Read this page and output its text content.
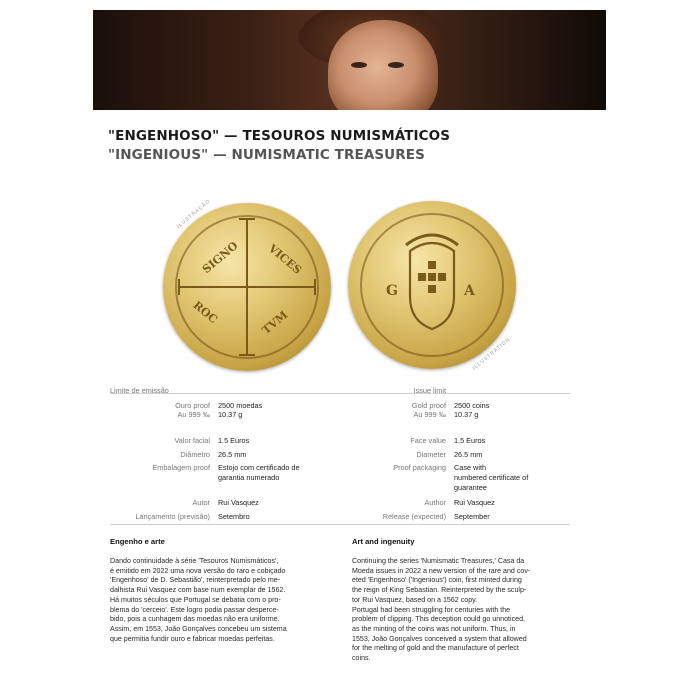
"ENGENHOSO" — TESOUROS NUMISMÁTICOS
"INGENIOUS" — NUMISMATIC TREASURES
SIGNO VICES
ROC	TVM
ILUSTRAÇÃO
G	A
ILLUSTRATION
Limite de emissão
Ouro proof 2500 moedas
Au 999 ‰ 10.37 g
Valor facial 1.5 Euros
Diâmetro 26.5 mm
Embalagem proof Estojo com certificado de
garantia numerado
Autor Rui Vasquez
Lançamento (previsão) Setembro
Issue limit
Gold proof 2500 coins
Au 999 ‰ 10.37 g
Face value 1.5 Euros
Diameter 26.5 mm
Proof packaging Case with
numbered certificate of
guarantee
Author Rui Vasquez
Release (expected) September
Engenho e arte
Dando continuidade à série 'Tesouros Numismáticos',
é emitido em 2022 uma nova versão do raro e cobiçado
'Engenhoso' de D. Sebastião', reinterpretado pelo me-
dalhista Rui Vasquez com base num exemplar de 1562.
Há muitos séculos que Portugal se debatia com o pro-
blema do 'cerceio'. Este logro podia passar desperce-
bido, pois a cunhagem das moedas não era uniforme.
Assim, em 1553, João Gonçalves concebeu um sistema
que permitia fundir ouro e fabricar moedas perfeitas.
Art and ingenuity
Continuing the series 'Numismatic Treasures,' Casa da
Moeda issues in 2022 a new version of the rare and cov-
eted 'Engenhoso' ('Ingenious') coin, first minted during
the reign of King Sebastian. Reinterpreted by the sculp-
tor Rui Vasquez, based on a 1562 copy.
Portugal had been struggling for centuries with the
problem of clipping. This deception could go unnoticed,
as the minting of the coins was not uniform. Thus, in
1553, João Gonçalves conceived a system that allowed
for the melting of gold and the manufacture of perfect
coins.
